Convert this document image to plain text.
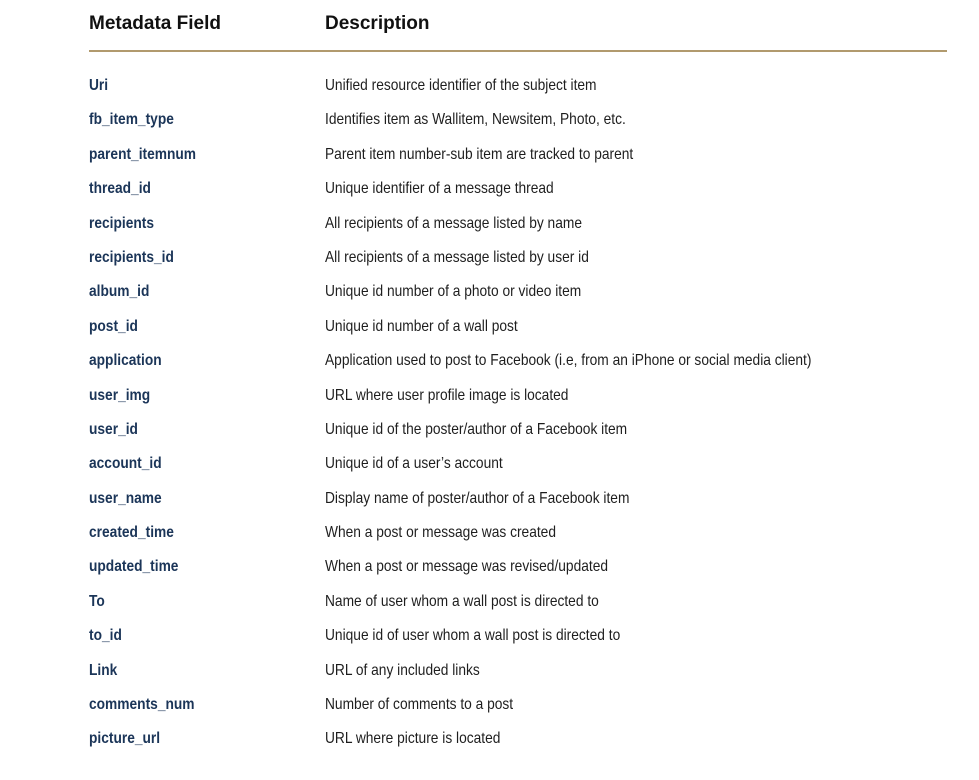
Metadata Field	Description
Uri	Unified resource identifier of the subject item
fb_item_type	Identifies item as Wallitem, Newsitem, Photo, etc.
parent_itemnum	Parent item number-sub item are tracked to parent
thread_id	Unique identifier of a message thread
recipients	All recipients of a message listed by name
recipients_id	All recipients of a message listed by user id
album_id	Unique id number of a photo or video item
post_id	Unique id number of a wall post
application	Application used to post to Facebook (i.e, from an iPhone or social media client)
user_img	URL where user profile image is located
user_id	Unique id of the poster/author of a Facebook item
account_id	Unique id of a user’s account
user_name	Display name of poster/author of a Facebook item
created_time	When a post or message was created
updated_time	When a post or message was revised/updated
To	Name of user whom a wall post is directed to
to_id	Unique id of user whom a wall post is directed to
Link	URL of any included links
comments_num	Number of comments to a post
picture_url	URL where picture is located
